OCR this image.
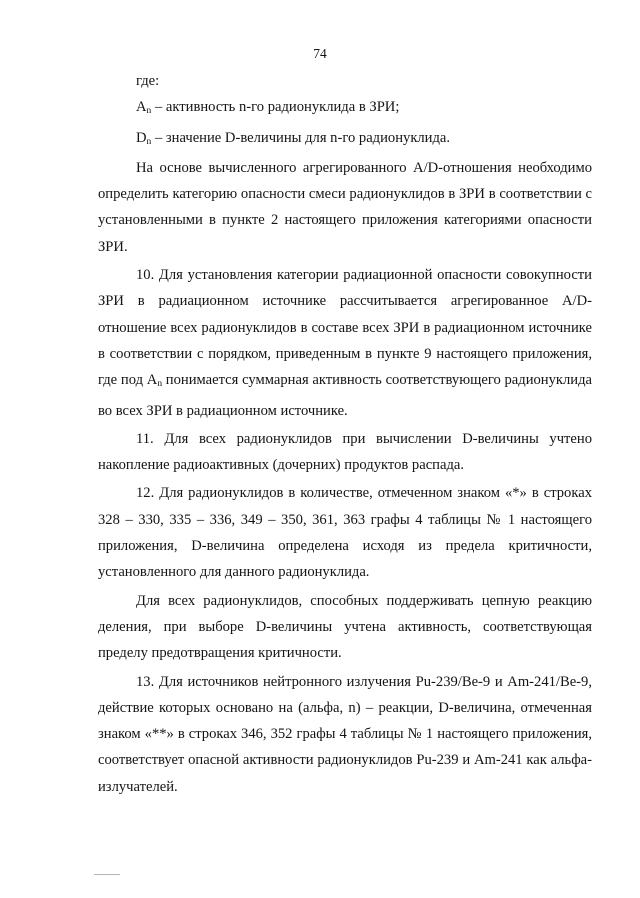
74

где:

$A_n$ – активность n-го радионуклида в ЗРИ;

$D_n$ – значение D-величины для n-го радионуклида.

На основе вычисленного агрегированного A/D-отношения необходимо определить категорию опасности смеси радионуклидов в ЗРИ в соответствии с установленными в пункте 2 настоящего приложения категориями опасности ЗРИ.

10. Для установления категории радиационной опасности совокупности ЗРИ в радиационном источнике рассчитывается агрегированное A/D-отношение всех радионуклидов в составе всех ЗРИ в радиационном источнике в соответствии с порядком, приведенным в пункте 9 настоящего приложения, где под $A_n$ понимается суммарная активность соответствующего радионуклида во всех ЗРИ в радиационном источнике.

11. Для всех радионуклидов при вычислении D-величины учтено накопление радиоактивных (дочерних) продуктов распада.

12. Для радионуклидов в количестве, отмеченном знаком «*» в строках 328 – 330, 335 – 336, 349 – 350, 361, 363 графы 4 таблицы № 1 настоящего приложения, D-величина определена исходя из предела критичности, установленного для данного радионуклида.

Для всех радионуклидов, способных поддерживать цепную реакцию деления, при выборе D-величины учтена активность, соответствующая пределу предотвращения критичности.

13. Для источников нейтронного излучения Pu-239/Be-9 и Am-241/Be-9, действие которых основано на (альфа, n) – реакции, D-величина, отмеченная знаком «**» в строках 346, 352 графы 4 таблицы № 1 настоящего приложения, соответствует опасной активности радионуклидов Pu-239 и Am-241 как альфа-излучателей.
